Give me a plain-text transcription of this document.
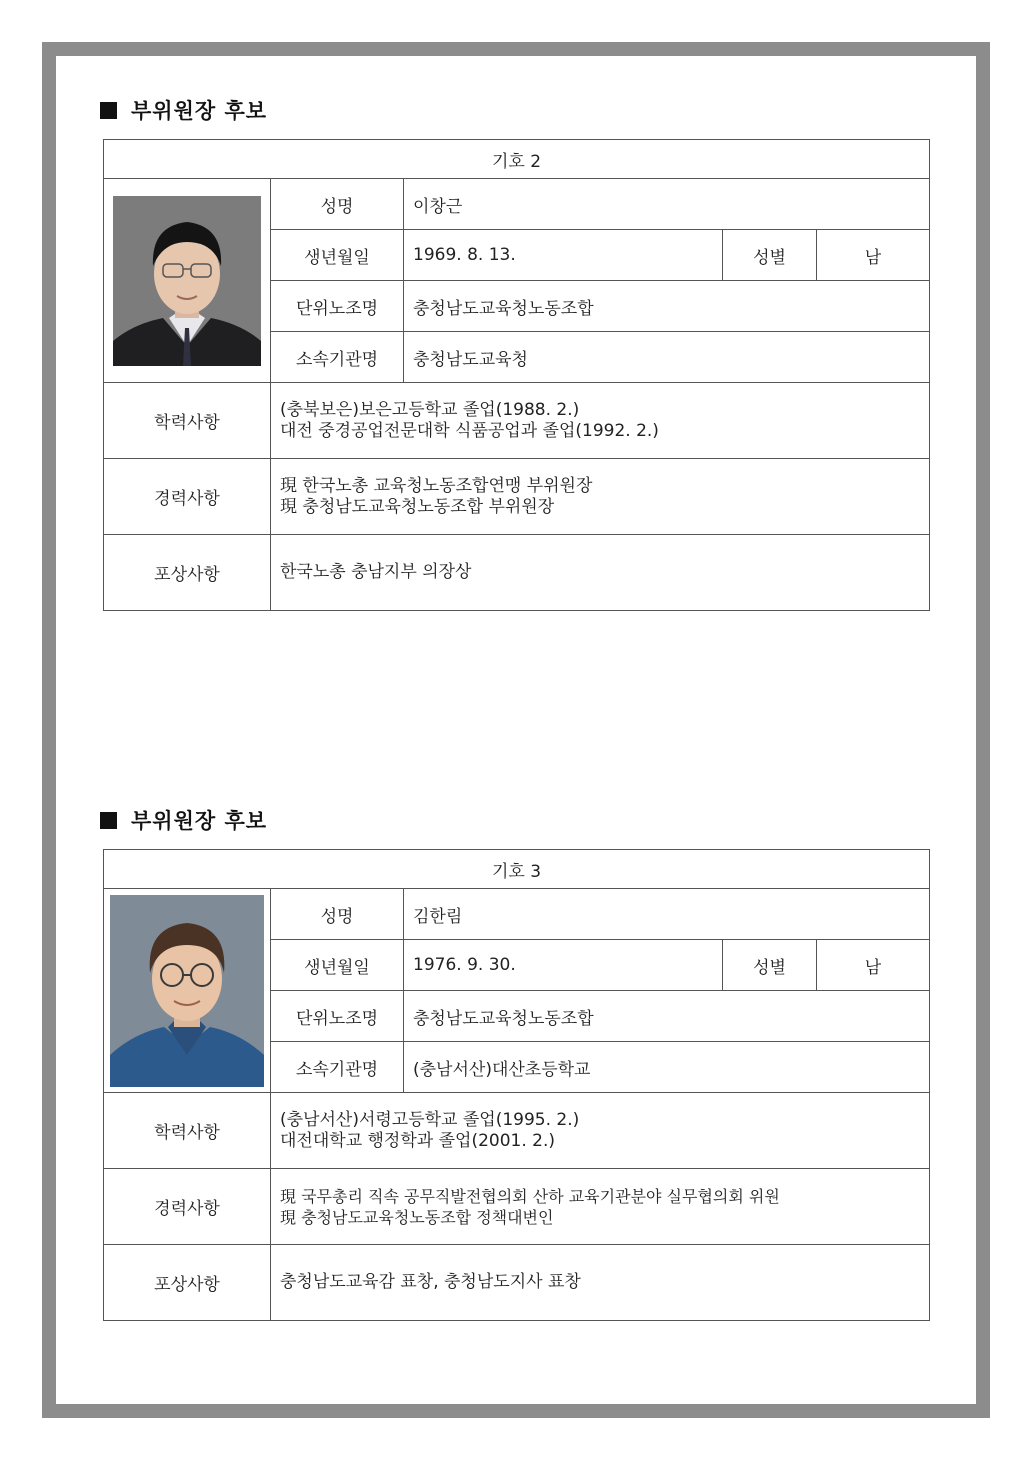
부위원장 후보
기호 2				

	성명	이창근		
	생년월일	1969. 8. 13.	성별	남
	단위노조명	충청남도교육청노동조합		
	소속기관명	충청남도교육청		
학력사항	(충북보은)보은고등학교 졸업(1988. 2.)
대전 중경공업전문대학 식품공업과 졸업(1992. 2.)			

경력사항	現 한국노총 교육청노동조합연맹 부위원장
現 충청남도교육청노동조합 부위원장			

포상사항	한국노총 충남지부 의장상			
부위원장 후보
기호 3				

	성명	김한림		
	생년월일	1976. 9. 30.	성별	남
	단위노조명	충청남도교육청노동조합		
	소속기관명	(충남서산)대산초등학교		
학력사항	(충남서산)서령고등학교 졸업(1995. 2.)
대전대학교 행정학과 졸업(2001. 2.)			

경력사항	現 국무총리 직속 공무직발전협의회 산하 교육기관분야 실무협의회 위원
現 충청남도교육청노동조합 정책대변인			

포상사항	충청남도교육감 표창, 충청남도지사 표창			
